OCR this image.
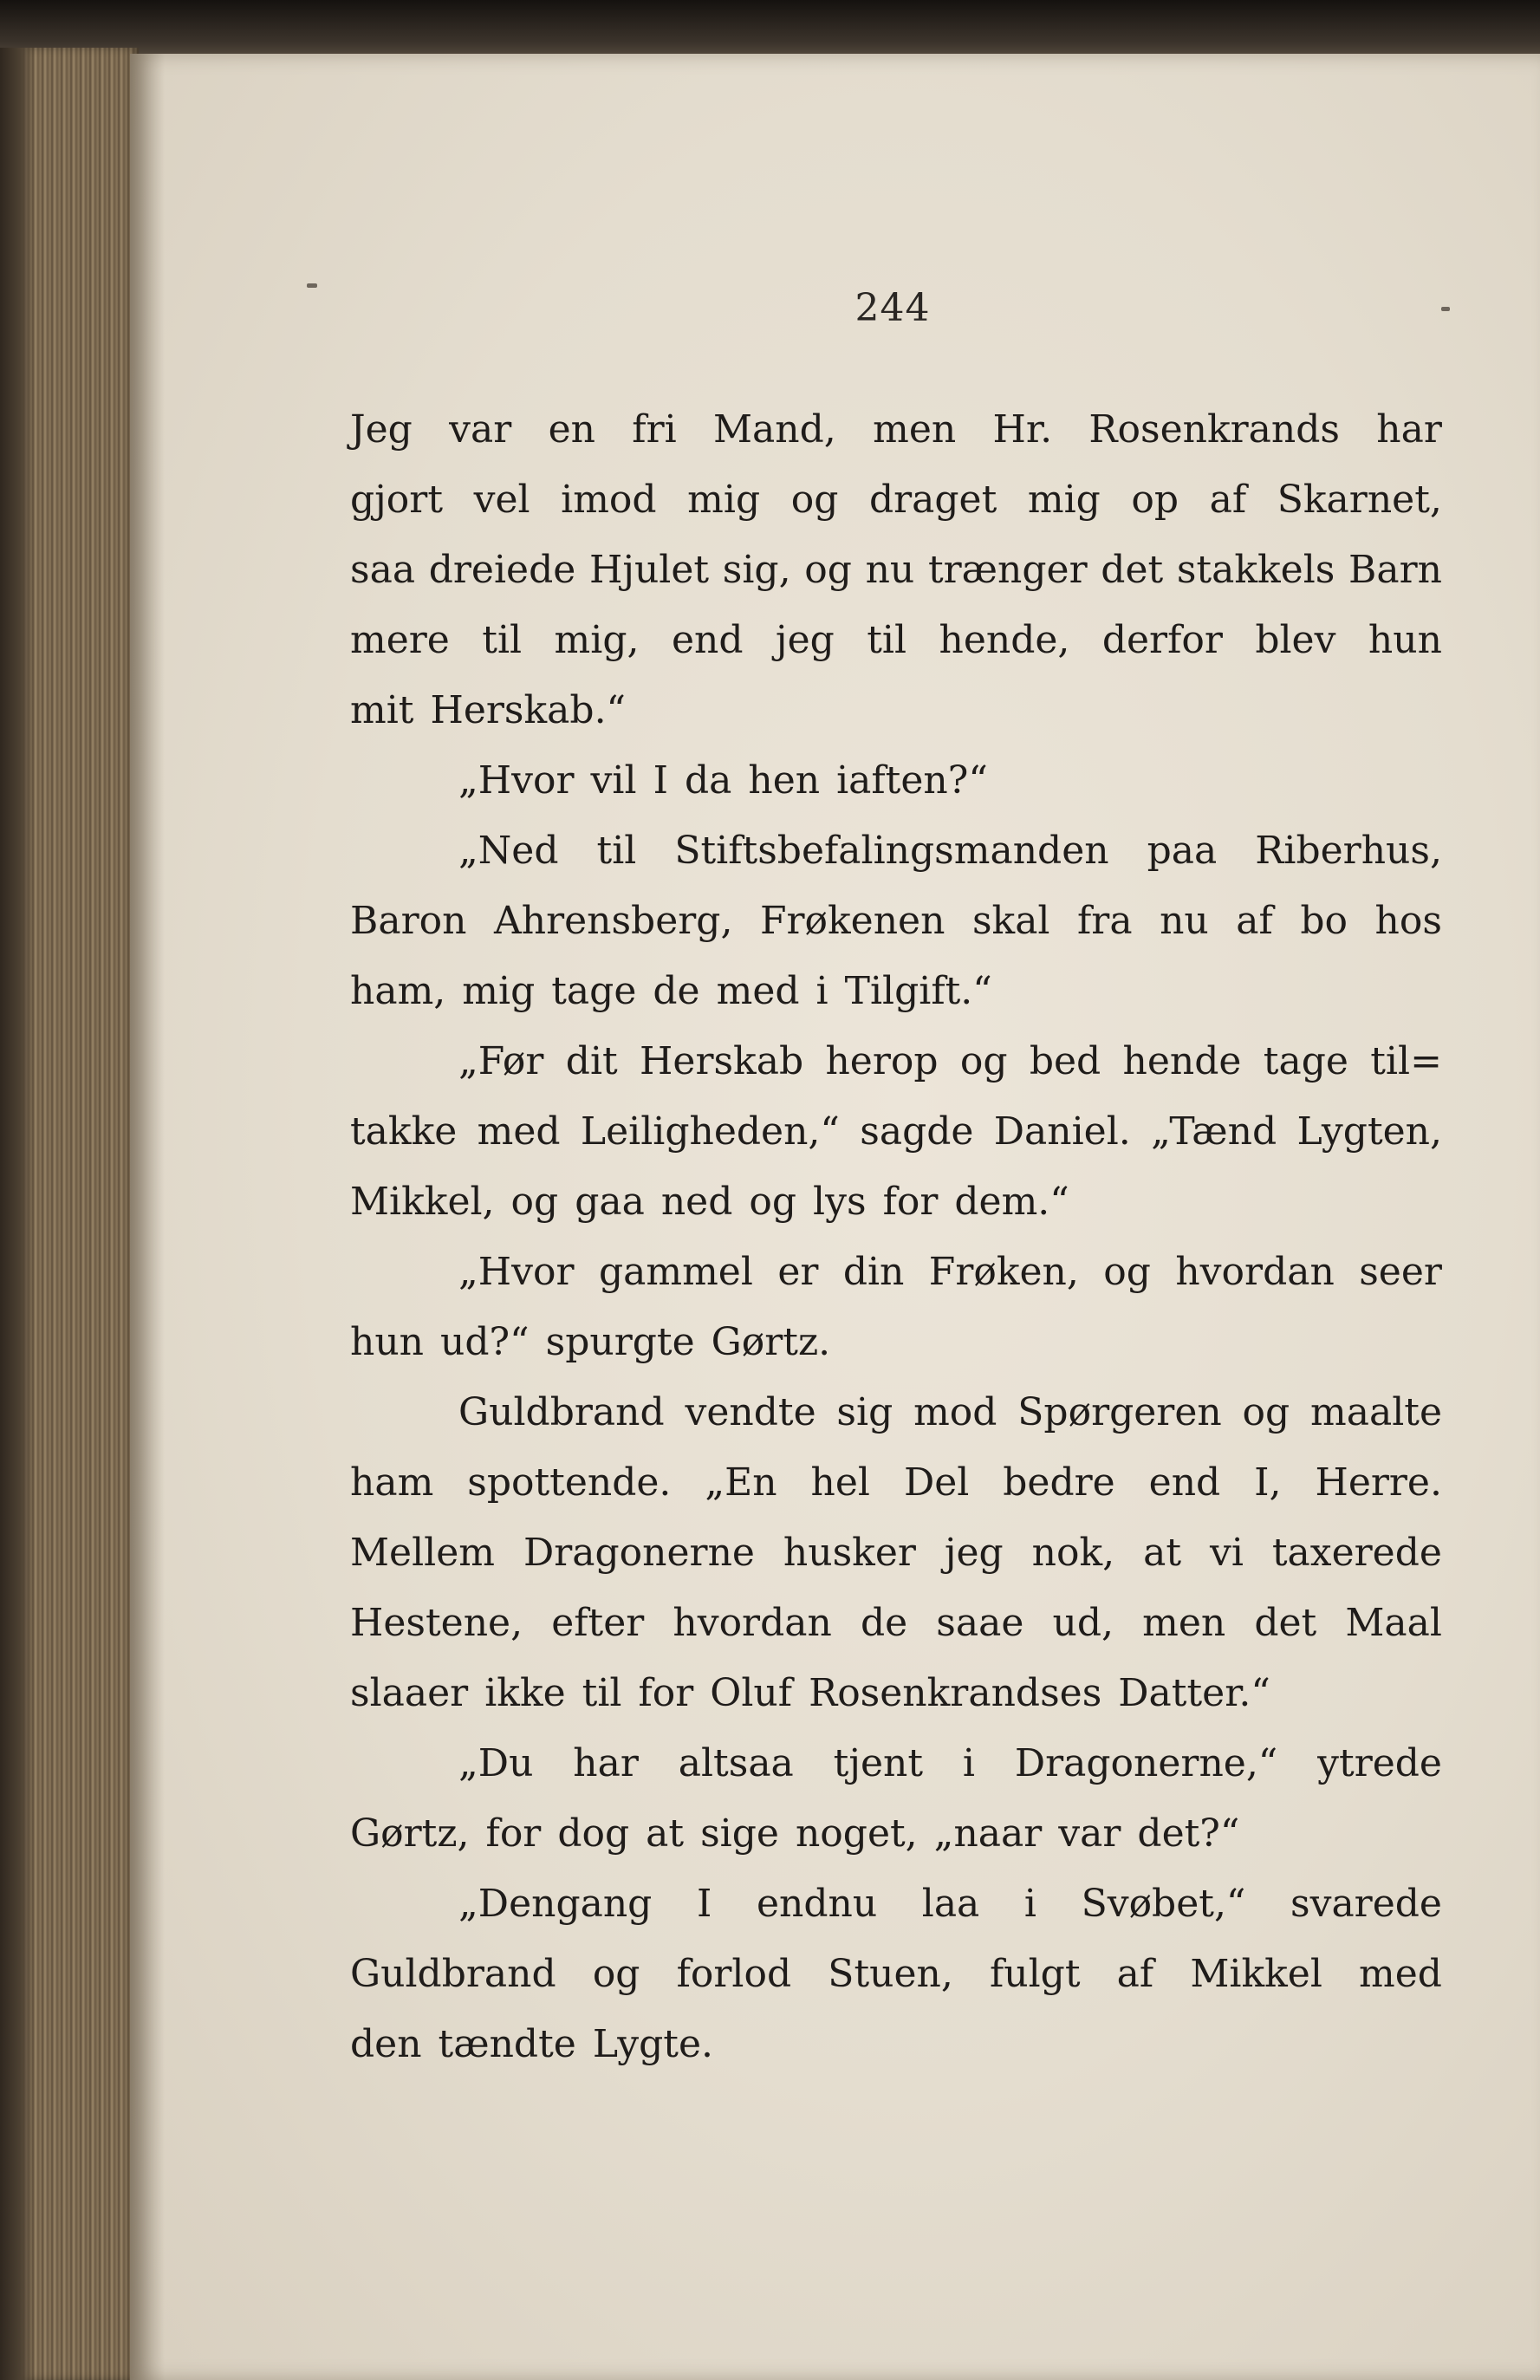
244
Jeg var en fri Mand, men Hr. Rosenkrands har
gjort vel imod mig og draget mig op af Skarnet,
saa dreiede Hjulet sig, og nu trænger det stakkels Barn
mere til mig, end jeg til hende, derfor blev hun
mit Herskab.“
„Hvor vil I da hen iaften?“
„Ned til Stiftsbefalingsmanden paa Riberhus,
Baron Ahrensberg, Frøkenen skal fra nu af bo hos
ham, mig tage de med i Tilgift.“
„Før dit Herskab herop og bed hende tage til=
takke med Leiligheden,“ sagde Daniel. „Tænd Lygten,
Mikkel, og gaa ned og lys for dem.“
„Hvor gammel er din Frøken, og hvordan seer
hun ud?“ spurgte Gørtz.
Guldbrand vendte sig mod Spørgeren og maalte
ham spottende. „En hel Del bedre end I, Herre.
Mellem Dragonerne husker jeg nok, at vi taxerede
Hestene, efter hvordan de saae ud, men det Maal
slaaer ikke til for Oluf Rosenkrandses Datter.“
„Du har altsaa tjent i Dragonerne,“ ytrede
Gørtz, for dog at sige noget, „naar var det?“
„Dengang I endnu laa i Svøbet,“ svarede
Guldbrand og forlod Stuen, fulgt af Mikkel med
den tændte Lygte.
